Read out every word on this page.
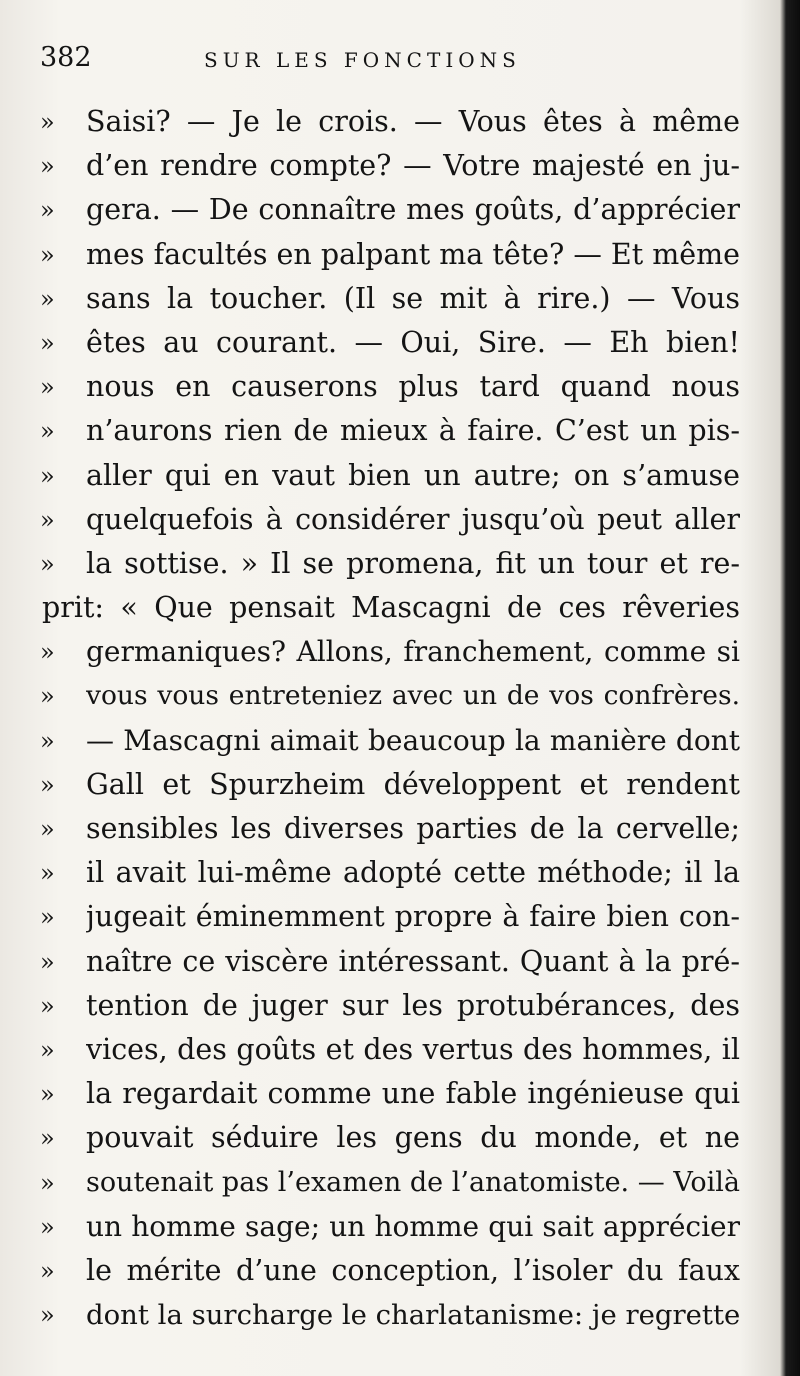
382	SUR LES FONCTIONS
»	Saisi? — Je le crois. — Vous êtes à même
»	d’en rendre compte? — Votre majesté en ju-
»	gera. — De connaître mes goûts, d’apprécier
»	mes facultés en palpant ma tête? — Et même
»	sans la toucher. (Il se mit à rire.) — Vous
»	êtes au courant. — Oui, Sire. — Eh bien!
»	nous en causerons plus tard quand nous
»	n’aurons rien de mieux à faire. C’est un pis-
»	aller qui en vaut bien un autre; on s’amuse
»	quelquefois à considérer jusqu’où peut aller
»	la sottise. » Il se promena, fit un tour et re-
prit: « Que pensait Mascagni de ces rêveries
»	germaniques? Allons, franchement, comme si
»	vous vous entreteniez avec un de vos confrères.
»	— Mascagni aimait beaucoup la manière dont
»	Gall et Spurzheim développent et rendent
»	sensibles les diverses parties de la cervelle;
»	il avait lui-même adopté cette méthode; il la
»	jugeait éminemment propre à faire bien con-
»	naître ce viscère intéressant. Quant à la pré-
»	tention de juger sur les protubérances, des
»	vices, des goûts et des vertus des hommes, il
»	la regardait comme une fable ingénieuse qui
»	pouvait séduire les gens du monde, et ne
»	soutenait pas l’examen de l’anatomiste. — Voilà
»	un homme sage; un homme qui sait apprécier
»	le mérite d’une conception, l’isoler du faux
»	dont la surcharge le charlatanisme: je regrette
